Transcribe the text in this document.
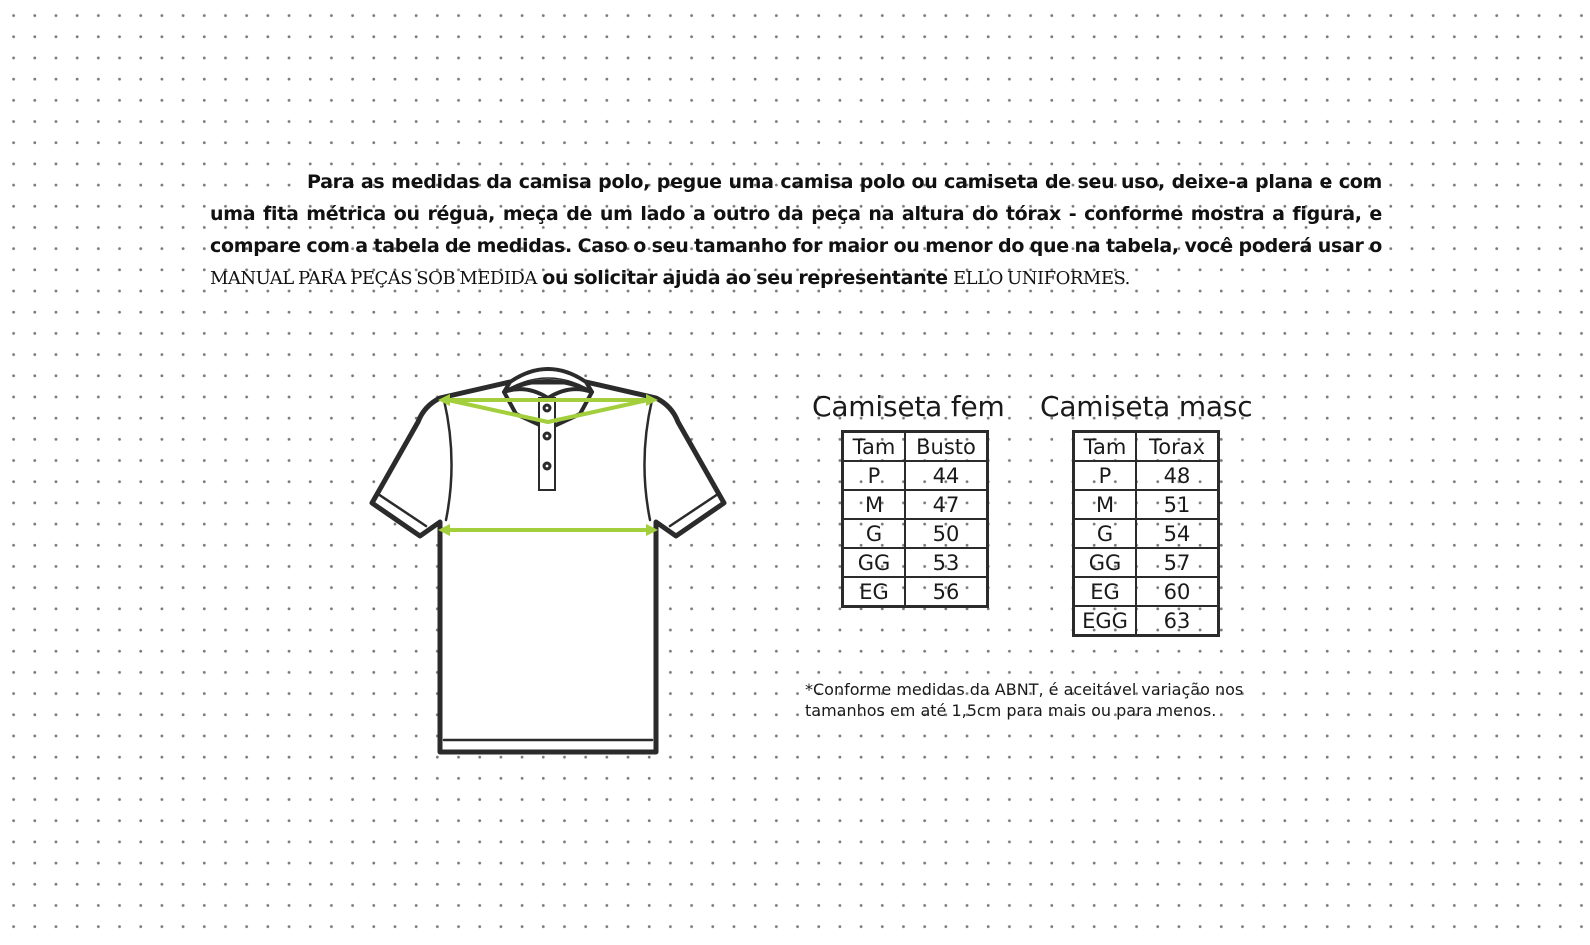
Para as medidas da camisa polo, pegue uma camisa polo ou camiseta de seu uso, deixe-a plana e com uma fita métrica ou régua, meça de um lado a outro da peça na altura do tórax - conforme mostra a figura, e compare com a tabela de medidas. Caso o seu tamanho for maior ou menor do que na tabela, você poderá usar o MANUAL PARA PEÇAS SOB MEDIDA ou solicitar ajuda ao seu representante ELLO UNIFORMES.
Camiseta fem
Tam	Busto
P	44
M	47
G	50
GG	53
EG	56
Camiseta masc
Tam	Torax
P	48
M	51
G	54
GG	57
EG	60
EGG	63
*Conforme medidas da ABNT, é aceitável variação nos
tamanhos em até 1,5cm para mais ou para menos.
